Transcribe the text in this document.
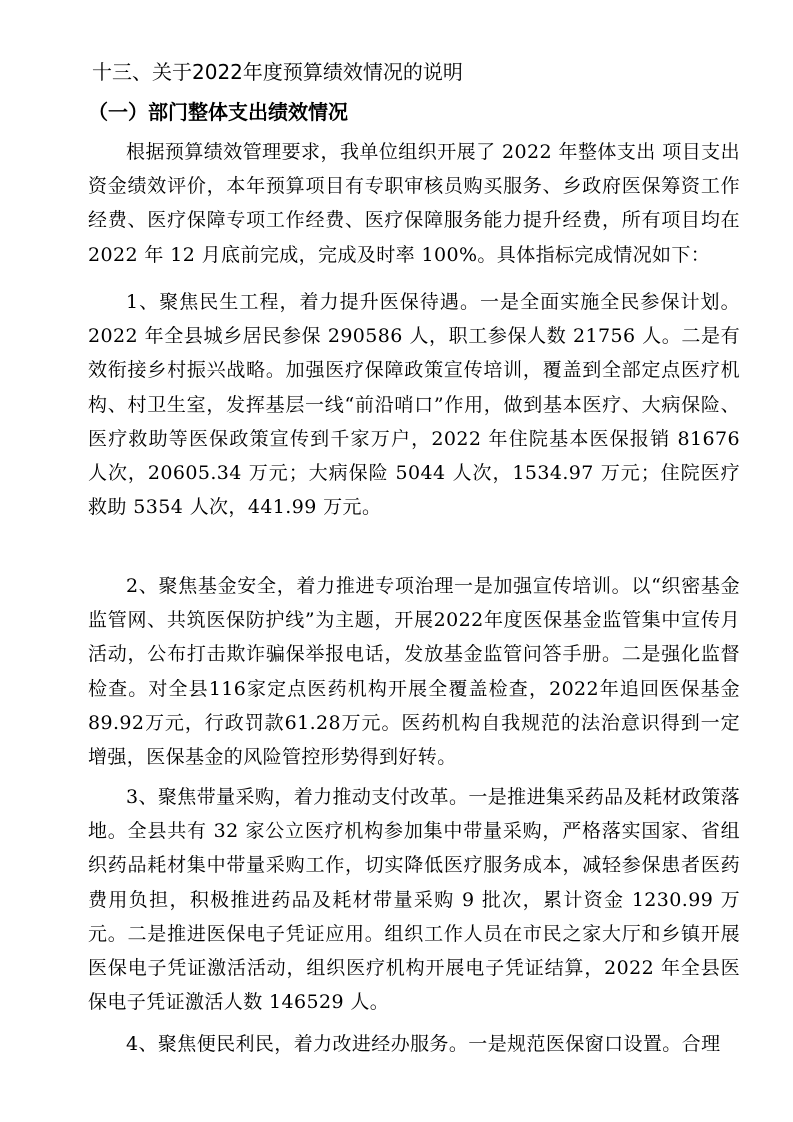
十三、关于2022年度预算绩效情况的说明
（一）部门整体支出绩效情况

根据预算绩效管理要求，我单位组织开展了 2022 年整体支出 项目支出资金绩效评价，本年预算项目有专职审核员购买服务、乡政府医保筹资工作经费、医疗保障专项工作经费、医疗保障服务能力提升经费，所有项目均在 2022 年 12 月底前完成，完成及时率 100%。具体指标完成情况如下：

1、聚焦民生工程，着力提升医保待遇。一是全面实施全民参保计划。2022 年全县城乡居民参保 290586 人，职工参保人数 21756 人。二是有效衔接乡村振兴战略。加强医疗保障政策宣传培训，覆盖到全部定点医疗机构、村卫生室，发挥基层一线“前沿哨口”作用，做到基本医疗、大病保险、医疗救助等医保政策宣传到千家万户，2022 年住院基本医保报销 81676 人次，20605.34 万元；大病保险 5044 人次，1534.97 万元；住院医疗救助 5354 人次，441.99 万元。

2、聚焦基金安全，着力推进专项治理一是加强宣传培训。以“织密基金监管网、共筑医保防护线”为主题，开展2022年度医保基金监管集中宣传月活动，公布打击欺诈骗保举报电话，发放基金监管问答手册。二是强化监督检查。对全县116家定点医药机构开展全覆盖检查，2022年追回医保基金89.92万元，行政罚款61.28万元。医药机构自我规范的法治意识得到一定增强，医保基金的风险管控形势得到好转。

3、聚焦带量采购，着力推动支付改革。一是推进集采药品及耗材政策落地。全县共有 32 家公立医疗机构参加集中带量采购，严格落实国家、省组织药品耗材集中带量采购工作，切实降低医疗服务成本，减轻参保患者医药费用负担，积极推进药品及耗材带量采购 9 批次，累计资金 1230.99 万元。二是推进医保电子凭证应用。组织工作人员在市民之家大厅和乡镇开展医保电子凭证激活活动，组织医疗机构开展电子凭证结算，2022 年全县医保电子凭证激活人数 146529 人。

4、聚焦便民利民，着力改进经办服务。一是规范医保窗口设置。合理
